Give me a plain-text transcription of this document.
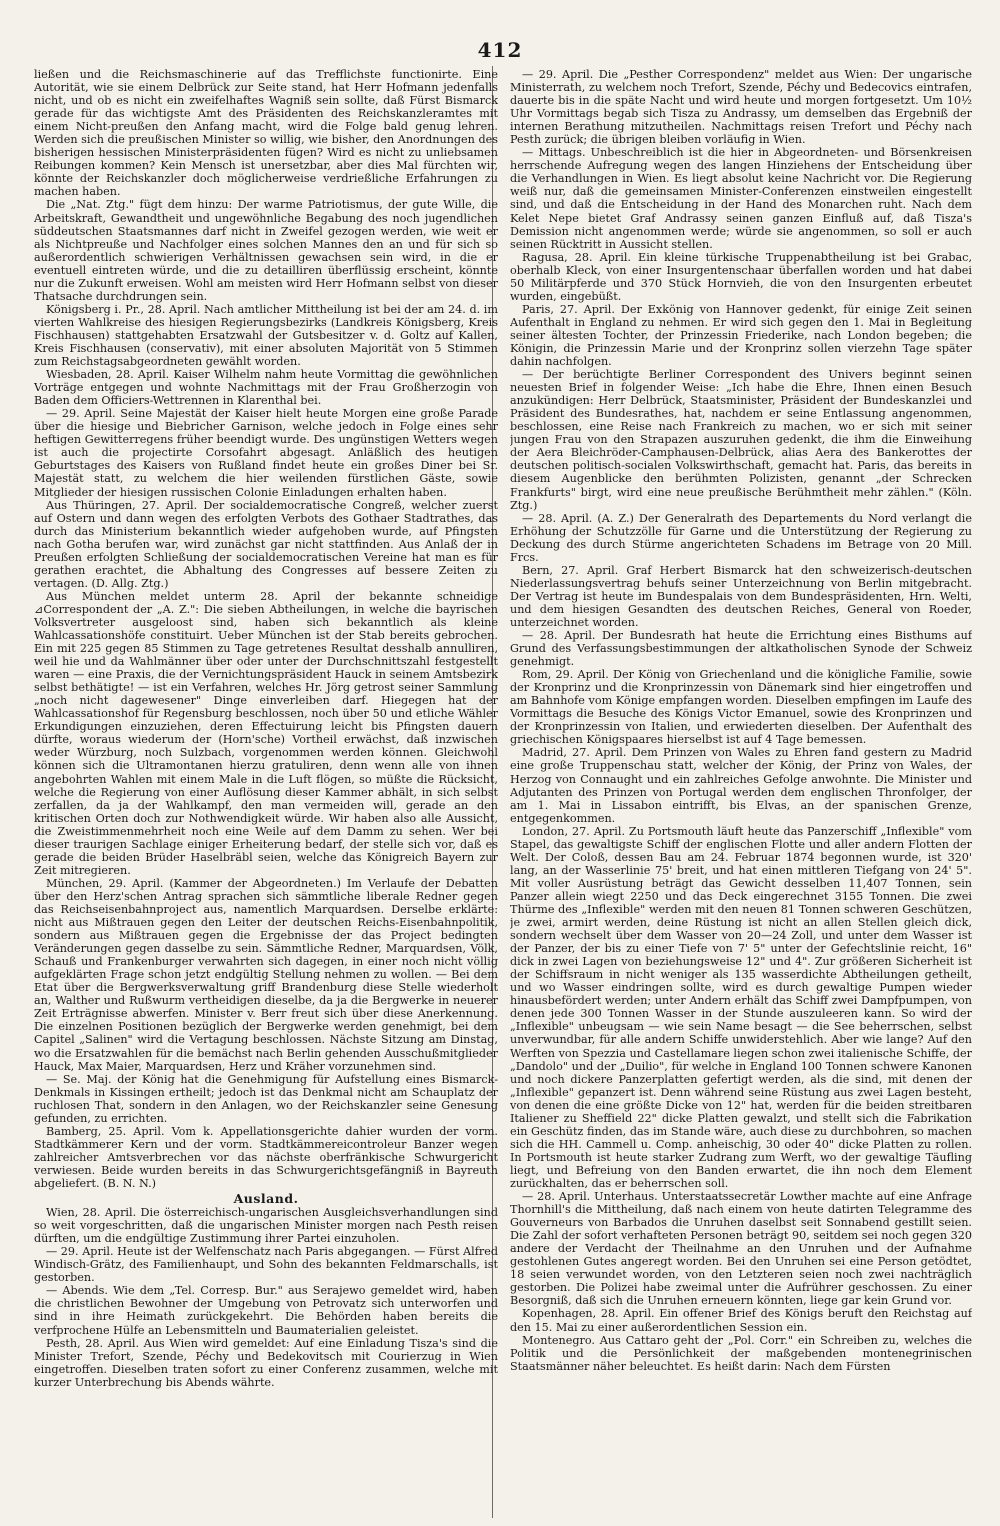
412

ließen und die Reichsmaschinerie auf das Trefflichste functionirte. Eine Autorität, wie sie einem Delbrück zur Seite stand, hat Herr Hofmann jedenfalls nicht, und ob es nicht ein zweifelhaftes Wagniß sein sollte, daß Fürst Bismarck gerade für das wichtigste Amt des Präsidenten des Reichskanzleramtes mit einem Nicht-preußen den Anfang macht, wird die Folge bald genug lehren. Werden sich die preußischen Minister so willig, wie bisher, den Anordnungen des bisherigen hessischen Ministerpräsidenten fügen? Wird es nicht zu unliebsamen Reibungen kommen? Kein Mensch ist unersetzbar, aber dies Mal fürchten wir, könnte der Reichskanzler doch möglicherweise verdrießliche Erfahrungen zu machen haben.

Die „Nat. Ztg." fügt dem hinzu: Der warme Patriotismus, der gute Wille, die Arbeitskraft, Gewandtheit und ungewöhnliche Begabung des noch jugendlichen süddeutschen Staatsmannes darf nicht in Zweifel gezogen werden, wie weit er als Nichtpreuße und Nachfolger eines solchen Mannes den an und für sich so außerordentlich schwierigen Verhältnissen gewachsen sein wird, in die er eventuell eintreten würde, und die zu detailliren überflüssig erscheint, könnte nur die Zukunft erweisen. Wohl am meisten wird Herr Hofmann selbst von dieser Thatsache durchdrungen sein.

Königsberg i. Pr., 28. April. Nach amtlicher Mittheilung ist bei der am 24. d. im vierten Wahlkreise des hiesigen Regierungsbezirks (Landkreis Königsberg, Kreis Fischhausen) stattgehabten Ersatzwahl der Gutsbesitzer v. d. Goltz auf Kallen, Kreis Fischhausen (conservativ), mit einer absoluten Majorität von 5 Stimmen zum Reichstagsabgeordneten gewählt worden.

Wiesbaden, 28. April. Kaiser Wilhelm nahm heute Vormittag die gewöhnlichen Vorträge entgegen und wohnte Nachmittags mit der Frau Großherzogin von Baden dem Officiers-Wettrennen in Klarenthal bei.

— 29. April. Seine Majestät der Kaiser hielt heute Morgen eine große Parade über die hiesige und Biebricher Garnison, welche jedoch in Folge eines sehr heftigen Gewitterregens früher beendigt wurde. Des ungünstigen Wetters wegen ist auch die projectirte Corsofahrt abgesagt. Anläßlich des heutigen Geburtstages des Kaisers von Rußland findet heute ein großes Diner bei Sr. Majestät statt, zu welchem die hier weilenden fürstlichen Gäste, sowie Mitglieder der hiesigen russischen Colonie Einladungen erhalten haben.

Aus Thüringen, 27. April. Der socialdemocratische Congreß, welcher zuerst auf Ostern und dann wegen des erfolgten Verbots des Gothaer Stadtrathes, das durch das Ministerium bekanntlich wieder aufgehoben wurde, auf Pfingsten nach Gotha berufen war, wird zunächst gar nicht stattfinden. Aus Anlaß der in Preußen erfolgten Schließung der socialdemocratischen Vereine hat man es für gerathen erachtet, die Abhaltung des Congresses auf bessere Zeiten zu vertagen. (D. Allg. Ztg.)

Aus München meldet unterm 28. April der bekannte schneidige ⊿Correspondent der „A. Z.": Die sieben Abtheilungen, in welche die bayrischen Volksvertreter ausgeloost sind, haben sich bekanntlich als kleine Wahlcassationshöfe constituirt. Ueber München ist der Stab bereits gebrochen. Ein mit 225 gegen 85 Stimmen zu Tage getretenes Resultat desshalb annulliren, weil hie und da Wahlmänner über oder unter der Durchschnittszahl festgestellt waren — eine Praxis, die der Vernichtungspräsident Hauck in seinem Amtsbezirk selbst bethätigte! — ist ein Verfahren, welches Hr. Jörg getrost seiner Sammlung „noch nicht dagewesener" Dinge einverleiben darf. Hiegegen hat der Wahlcassationshof für Regensburg beschlossen, noch über 50 und etliche Wähler Erkundigungen einzuziehen, deren Effectuirung leicht bis Pfingsten dauern dürfte, woraus wiederum der (Horn'sche) Vortheil erwächst, daß inzwischen weder Würzburg, noch Sulzbach, vorgenommen werden können. Gleichwohl können sich die Ultramontanen hierzu gratuliren, denn wenn alle von ihnen angebohrten Wahlen mit einem Male in die Luft flögen, so müßte die Rücksicht, welche die Regierung von einer Auflösung dieser Kammer abhält, in sich selbst zerfallen, da ja der Wahlkampf, den man vermeiden will, gerade an den kritischen Orten doch zur Nothwendigkeit würde. Wir haben also alle Aussicht, die Zweistimmenmehrheit noch eine Weile auf dem Damm zu sehen. Wer bei dieser traurigen Sachlage einiger Erheiterung bedarf, der stelle sich vor, daß es gerade die beiden Brüder Haselbräbl seien, welche das Königreich Bayern zur Zeit mitregieren.

München, 29. April. (Kammer der Abgeordneten.) Im Verlaufe der Debatten über den Herz'schen Antrag sprachen sich sämmtliche liberale Redner gegen das Reichseisenbahnproject aus, namentlich Marquardsen. Derselbe erklärte: nicht aus Mißtrauen gegen den Leiter der deutschen Reichs-Eisenbahnpolitik, sondern aus Mißtrauen gegen die Ergebnisse der das Project bedingten Veränderungen gegen dasselbe zu sein. Sämmtliche Redner, Marquardsen, Völk, Schauß und Frankenburger verwahrten sich dagegen, in einer noch nicht völlig aufgeklärten Frage schon jetzt endgültig Stellung nehmen zu wollen. — Bei dem Etat über die Bergwerksverwaltung griff Brandenburg diese Stelle wiederholt an, Walther und Rußwurm vertheidigen dieselbe, da ja die Bergwerke in neuerer Zeit Erträgnisse abwerfen. Minister v. Berr freut sich über diese Anerkennung. Die einzelnen Positionen bezüglich der Bergwerke werden genehmigt, bei dem Capitel „Salinen" wird die Vertagung beschlossen. Nächste Sitzung am Dinstag, wo die Ersatzwahlen für die bemächst nach Berlin gehenden Ausschußmitglieder Hauck, Max Maier, Marquardsen, Herz und Kräher vorzunehmen sind.

— Se. Maj. der König hat die Genehmigung für Aufstellung eines Bismarck-Denkmals in Kissingen ertheilt; jedoch ist das Denkmal nicht am Schauplatz der ruchlosen That, sondern in den Anlagen, wo der Reichskanzler seine Genesung gefunden, zu errichten.

Bamberg, 25. April. Vom k. Appellationsgerichte dahier wurden der vorm. Stadtkämmerer Kern und der vorm. Stadtkämmereicontroleur Banzer wegen zahlreicher Amtsverbrechen vor das nächste oberfränkische Schwurgericht verwiesen. Beide wurden bereits in das Schwurgerichtsgefängniß in Bayreuth abgeliefert. (B. N. N.)

Ausland.

Wien, 28. April. Die österreichisch-ungarischen Ausgleichsverhandlungen sind so weit vorgeschritten, daß die ungarischen Minister morgen nach Pesth reisen dürften, um die endgültige Zustimmung ihrer Partei einzuholen.

— 29. April. Heute ist der Welfenschatz nach Paris abgegangen. — Fürst Alfred Windisch-Grätz, des Familienhaupt, und Sohn des bekannten Feldmarschalls, ist gestorben.

— Abends. Wie dem „Tel. Corresp. Bur." aus Serajewo gemeldet wird, haben die christlichen Bewohner der Umgebung von Petrovatz sich unterworfen und sind in ihre Heimath zurückgekehrt. Die Behörden haben bereits die verfprochene Hülfe an Lebensmitteln und Baumaterialien geleistet.

Pesth, 28. April. Aus Wien wird gemeldet: Auf eine Einladung Tisza's sind die Minister Trefort, Szende, Péchy und Bedekovitsch mit Courierzug in Wien eingetroffen. Dieselben traten sofort zu einer Conferenz zusammen, welche mit kurzer Unterbrechung bis Abends währte.

— 29. April. Die „Pesther Correspondenz" meldet aus Wien: Der ungarische Ministerrath, zu welchem noch Trefort, Szende, Péchy und Bedecovics eintrafen, dauerte bis in die späte Nacht und wird heute und morgen fortgesetzt. Um 10½ Uhr Vormittags begab sich Tisza zu Andrassy, um demselben das Ergebniß der internen Berathung mitzutheilen. Nachmittags reisen Trefort und Péchy nach Pesth zurück; die übrigen bleiben vorläufig in Wien.

— Mittags. Unbeschreiblich ist die hier in Abgeordneten- und Börsenkreisen herrschende Aufregung wegen des langen Hinziehens der Entscheidung über die Verhandlungen in Wien. Es liegt absolut keine Nachricht vor. Die Regierung weiß nur, daß die gemeinsamen Minister-Conferenzen einstweilen eingestellt sind, und daß die Entscheidung in der Hand des Monarchen ruht. Nach dem Kelet Nepe bietet Graf Andrassy seinen ganzen Einfluß auf, daß Tisza's Demission nicht angenommen werde; würde sie angenommen, so soll er auch seinen Rücktritt in Aussicht stellen.

Ragusa, 28. April. Ein kleine türkische Truppenabtheilung ist bei Grabac, oberhalb Kleck, von einer Insurgentenschaar überfallen worden und hat dabei 50 Militärpferde und 370 Stück Hornvieh, die von den Insurgenten erbeutet wurden, eingebüßt.

Paris, 27. April. Der Exkönig von Hannover gedenkt, für einige Zeit seinen Aufenthalt in England zu nehmen. Er wird sich gegen den 1. Mai in Begleitung seiner ältesten Tochter, der Prinzessin Friederike, nach London begeben; die Königin, die Prinzessin Marie und der Kronprinz sollen vierzehn Tage später dahin nachfolgen.

— Der berüchtigte Berliner Correspondent des Univers beginnt seinen neuesten Brief in folgender Weise: „Ich habe die Ehre, Ihnen einen Besuch anzukündigen: Herr Delbrück, Staatsminister, Präsident der Bundeskanzlei und Präsident des Bundesrathes, hat, nachdem er seine Entlassung angenommen, beschlossen, eine Reise nach Frankreich zu machen, wo er sich mit seiner jungen Frau von den Strapazen auszuruhen gedenkt, die ihm die Einweihung der Aera Bleichröder-Camphausen-Delbrück, alias Aera des Bankerottes der deutschen politisch-socialen Volkswirthschaft, gemacht hat. Paris, das bereits in diesem Augenblicke den berühmten Polizisten, genannt „der Schrecken Frankfurts" birgt, wird eine neue preußische Berühmtheit mehr zählen." (Köln. Ztg.)

— 28. April. (A. Z.) Der Generalrath des Departements du Nord verlangt die Erhöhung der Schutzzölle für Garne und die Unterstützung der Regierung zu Deckung des durch Stürme angerichteten Schadens im Betrage von 20 Mill. Frcs.

Bern, 27. April. Graf Herbert Bismarck hat den schweizerisch-deutschen Niederlassungsvertrag behufs seiner Unterzeichnung von Berlin mitgebracht. Der Vertrag ist heute im Bundespalais von dem Bundespräsidenten, Hrn. Welti, und dem hiesigen Gesandten des deutschen Reiches, General von Roeder, unterzeichnet worden.

— 28. April. Der Bundesrath hat heute die Errichtung eines Bisthums auf Grund des Verfassungsbestimmungen der altkatholischen Synode der Schweiz genehmigt.

Rom, 29. April. Der König von Griechenland und die königliche Familie, sowie der Kronprinz und die Kronprinzessin von Dänemark sind hier eingetroffen und am Bahnhofe vom Könige empfangen worden. Dieselben empfingen im Laufe des Vormittags die Besuche des Königs Victor Emanuel, sowie des Kronprinzen und der Kronprinzessin von Italien, und erwiederten dieselben. Der Aufenthalt des griechischen Königspaares hierselbst ist auf 4 Tage bemessen.

Madrid, 27. April. Dem Prinzen von Wales zu Ehren fand gestern zu Madrid eine große Truppenschau statt, welcher der König, der Prinz von Wales, der Herzog von Connaught und ein zahlreiches Gefolge anwohnte. Die Minister und Adjutanten des Prinzen von Portugal werden dem englischen Thronfolger, der am 1. Mai in Lissabon eintrifft, bis Elvas, an der spanischen Grenze, entgegenkommen.

London, 27. April. Zu Portsmouth läuft heute das Panzerschiff „Inflexible" vom Stapel, das gewaltigste Schiff der englischen Flotte und aller andern Flotten der Welt. Der Coloß, dessen Bau am 24. Februar 1874 begonnen wurde, ist 320' lang, an der Wasserlinie 75' breit, und hat einen mittleren Tiefgang von 24' 5". Mit voller Ausrüstung beträgt das Gewicht desselben 11,407 Tonnen, sein Panzer allein wiegt 2250 und das Deck eingerechnet 3155 Tonnen. Die zwei Thürme des „Inflexible" werden mit den neuen 81 Tonnen schweren Geschützen, je zwei, armirt werden, deine Rüstung ist nicht an allen Stellen gleich dick, sondern wechselt über dem Wasser von 20—24 Zoll, und unter dem Wasser ist der Panzer, der bis zu einer Tiefe von 7' 5" unter der Gefechtslinie reicht, 16" dick in zwei Lagen von beziehungsweise 12" und 4". Zur größeren Sicherheit ist der Schiffsraum in nicht weniger als 135 wasserdichte Abtheilungen getheilt, und wo Wasser eindringen sollte, wird es durch gewaltige Pumpen wieder hinausbefördert werden; unter Andern erhält das Schiff zwei Dampfpumpen, von denen jede 300 Tonnen Wasser in der Stunde auszuleeren kann. So wird der „Inflexible" unbeugsam — wie sein Name besagt — die See beherrschen, selbst unverwundbar, für alle andern Schiffe unwiderstehlich. Aber wie lange? Auf den Werften von Spezzia und Castellamare liegen schon zwei italienische Schiffe, der „Dandolo" und der „Duilio", für welche in England 100 Tonnen schwere Kanonen und noch dickere Panzerplatten gefertigt werden, als die sind, mit denen der „Inflexible" gepanzert ist. Denn während seine Rüstung aus zwei Lagen besteht, von denen die eine größte Dicke von 12" hat, werden für die beiden streitbaren Italiener zu Sheffield 22" dicke Platten gewalzt, und stellt sich die Fabrikation ein Geschütz finden, das im Stande wäre, auch diese zu durchbohren, so machen sich die HH. Cammell u. Comp. anheischig, 30 oder 40" dicke Platten zu rollen. In Portsmouth ist heute starker Zudrang zum Werft, wo der gewaltige Täufling liegt, und Befreiung von den Banden erwartet, die ihn noch dem Element zurückhalten, das er beherrschen soll.

— 28. April. Unterhaus. Unterstaatssecretär Lowther machte auf eine Anfrage Thornhill's die Mittheilung, daß nach einem von heute datirten Telegramme des Gouverneurs von Barbados die Unruhen daselbst seit Sonnabend gestillt seien. Die Zahl der sofort verhafteten Personen beträgt 90, seitdem sei noch gegen 320 andere der Verdacht der Theilnahme an den Unruhen und der Aufnahme gestohlenen Gutes angeregt worden. Bei den Unruhen sei eine Person getödtet, 18 seien verwundet worden, von den Letzteren seien noch zwei nachträglich gestorben. Die Polizei habe zweimal unter die Aufrührer geschossen. Zu einer Besorgniß, daß sich die Unruhen erneuern könnten, liege gar kein Grund vor.

Kopenhagen, 28. April. Ein offener Brief des Königs beruft den Reichstag auf den 15. Mai zu einer außerordentlichen Session ein.

Montenegro. Aus Cattaro geht der „Pol. Corr." ein Schreiben zu, welches die Politik und die Persönlichkeit der maßgebenden montenegrinischen Staatsmänner näher beleuchtet. Es heißt darin: Nach dem Fürsten
